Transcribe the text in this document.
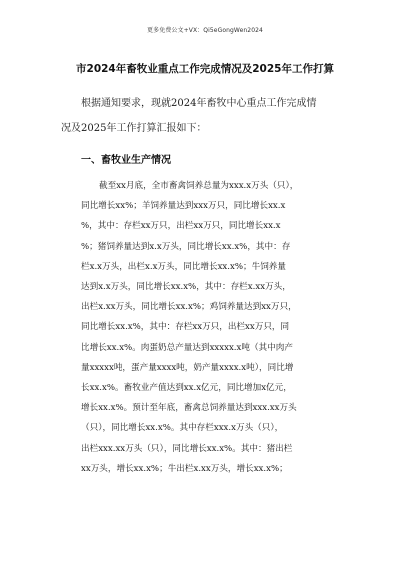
更多免费公文+VX：Qi5eGongWen2024
市2024年畜牧业重点工作完成情况及2025年工作打算
根据通知要求，现就2024年畜牧中心重点工作完成情
况及2025年工作打算汇报如下：
一、畜牧业生产情况
截至xx月底，全市畜禽饲养总量为xxx.x万头（只），
同比增长xx%；羊饲养量达到xxx万只，同比增长xx.x
%，其中：存栏xx万只，出栏xx万只，同比增长xx.x
%；猪饲养量达到x.x万头，同比增长xx.x%，其中：存
栏x.x万头，出栏x.x万头，同比增长xx.x%；牛饲养量
达到x.x万头，同比增长xx.x%，其中：存栏x.xx万头，
出栏x.xx万头，同比增长xx.x%；鸡饲养量达到xx万只，
同比增长xx.x%，其中：存栏xx万只，出栏xx万只，同
比增长xx.x%。肉蛋奶总产量达到xxxxx.x吨（其中肉产
量xxxxx吨，蛋产量xxxx吨，奶产量xxxx.x吨），同比增
长xx.x%。畜牧业产值达到xx.x亿元，同比增加x亿元，
增长xx.x%。预计至年底，畜禽总饲养量达到xxx.xx万头
（只），同比增长xx.x%。其中存栏xxx.x万头（只），
出栏xxx.xx万头（只），同比增长xx.x%。其中：猪出栏
xx万头，增长xx.x%；牛出栏x.xx万头，增长xx.x%；
